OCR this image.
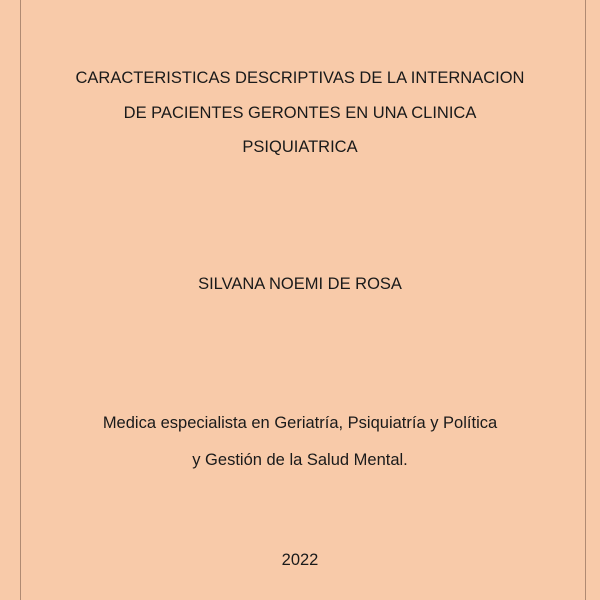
CARACTERISTICAS DESCRIPTIVAS DE LA INTERNACION
DE PACIENTES GERONTES EN UNA CLINICA
PSIQUIATRICA
SILVANA NOEMI DE ROSA
Medica especialista en Geriatría, Psiquiatría y Política
y Gestión de la Salud Mental.
2022
